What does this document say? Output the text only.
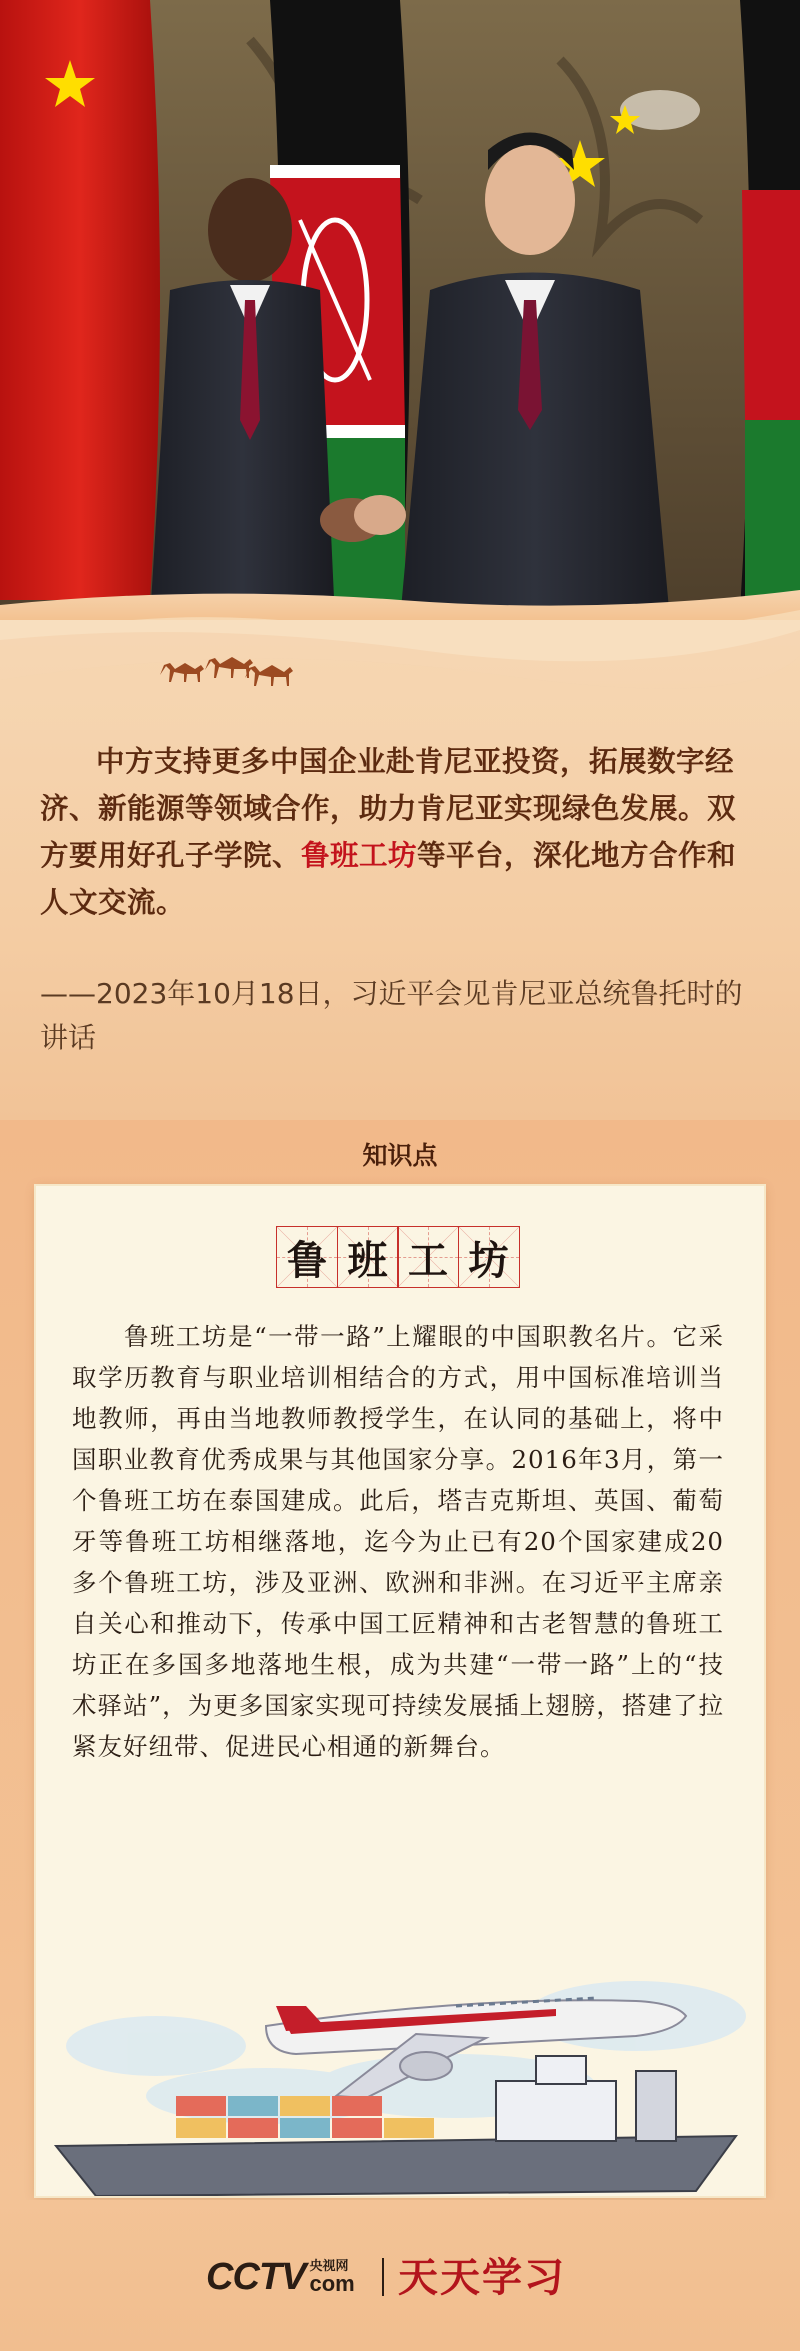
中方支持更多中国企业赴肯尼亚投资，拓展数字经济、新能源等领域合作，助力肯尼亚实现绿色发展。双方要用好孔子学院、鲁班工坊等平台，深化地方合作和人文交流。

——2023年10月18日，习近平会见肯尼亚总统鲁托时的讲话

知识点
鲁 班 工 坊

鲁班工坊是“一带一路”上耀眼的中国职教名片。它采取学历教育与职业培训相结合的方式，用中国标准培训当地教师，再由当地教师教授学生，在认同的基础上，将中国职业教育优秀成果与其他国家分享。2016年3月，第一个鲁班工坊在泰国建成。此后，塔吉克斯坦、英国、葡萄牙等鲁班工坊相继落地，迄今为止已有20个国家建成20多个鲁班工坊，涉及亚洲、欧洲和非洲。在习近平主席亲自关心和推动下，传承中国工匠精神和古老智慧的鲁班工坊正在多国多地落地生根，成为共建“一带一路”上的“技术驿站”，为更多国家实现可持续发展插上翅膀，搭建了拉紧友好纽带、促进民心相通的新舞台。

CCTV 央视网
com 天天学习
